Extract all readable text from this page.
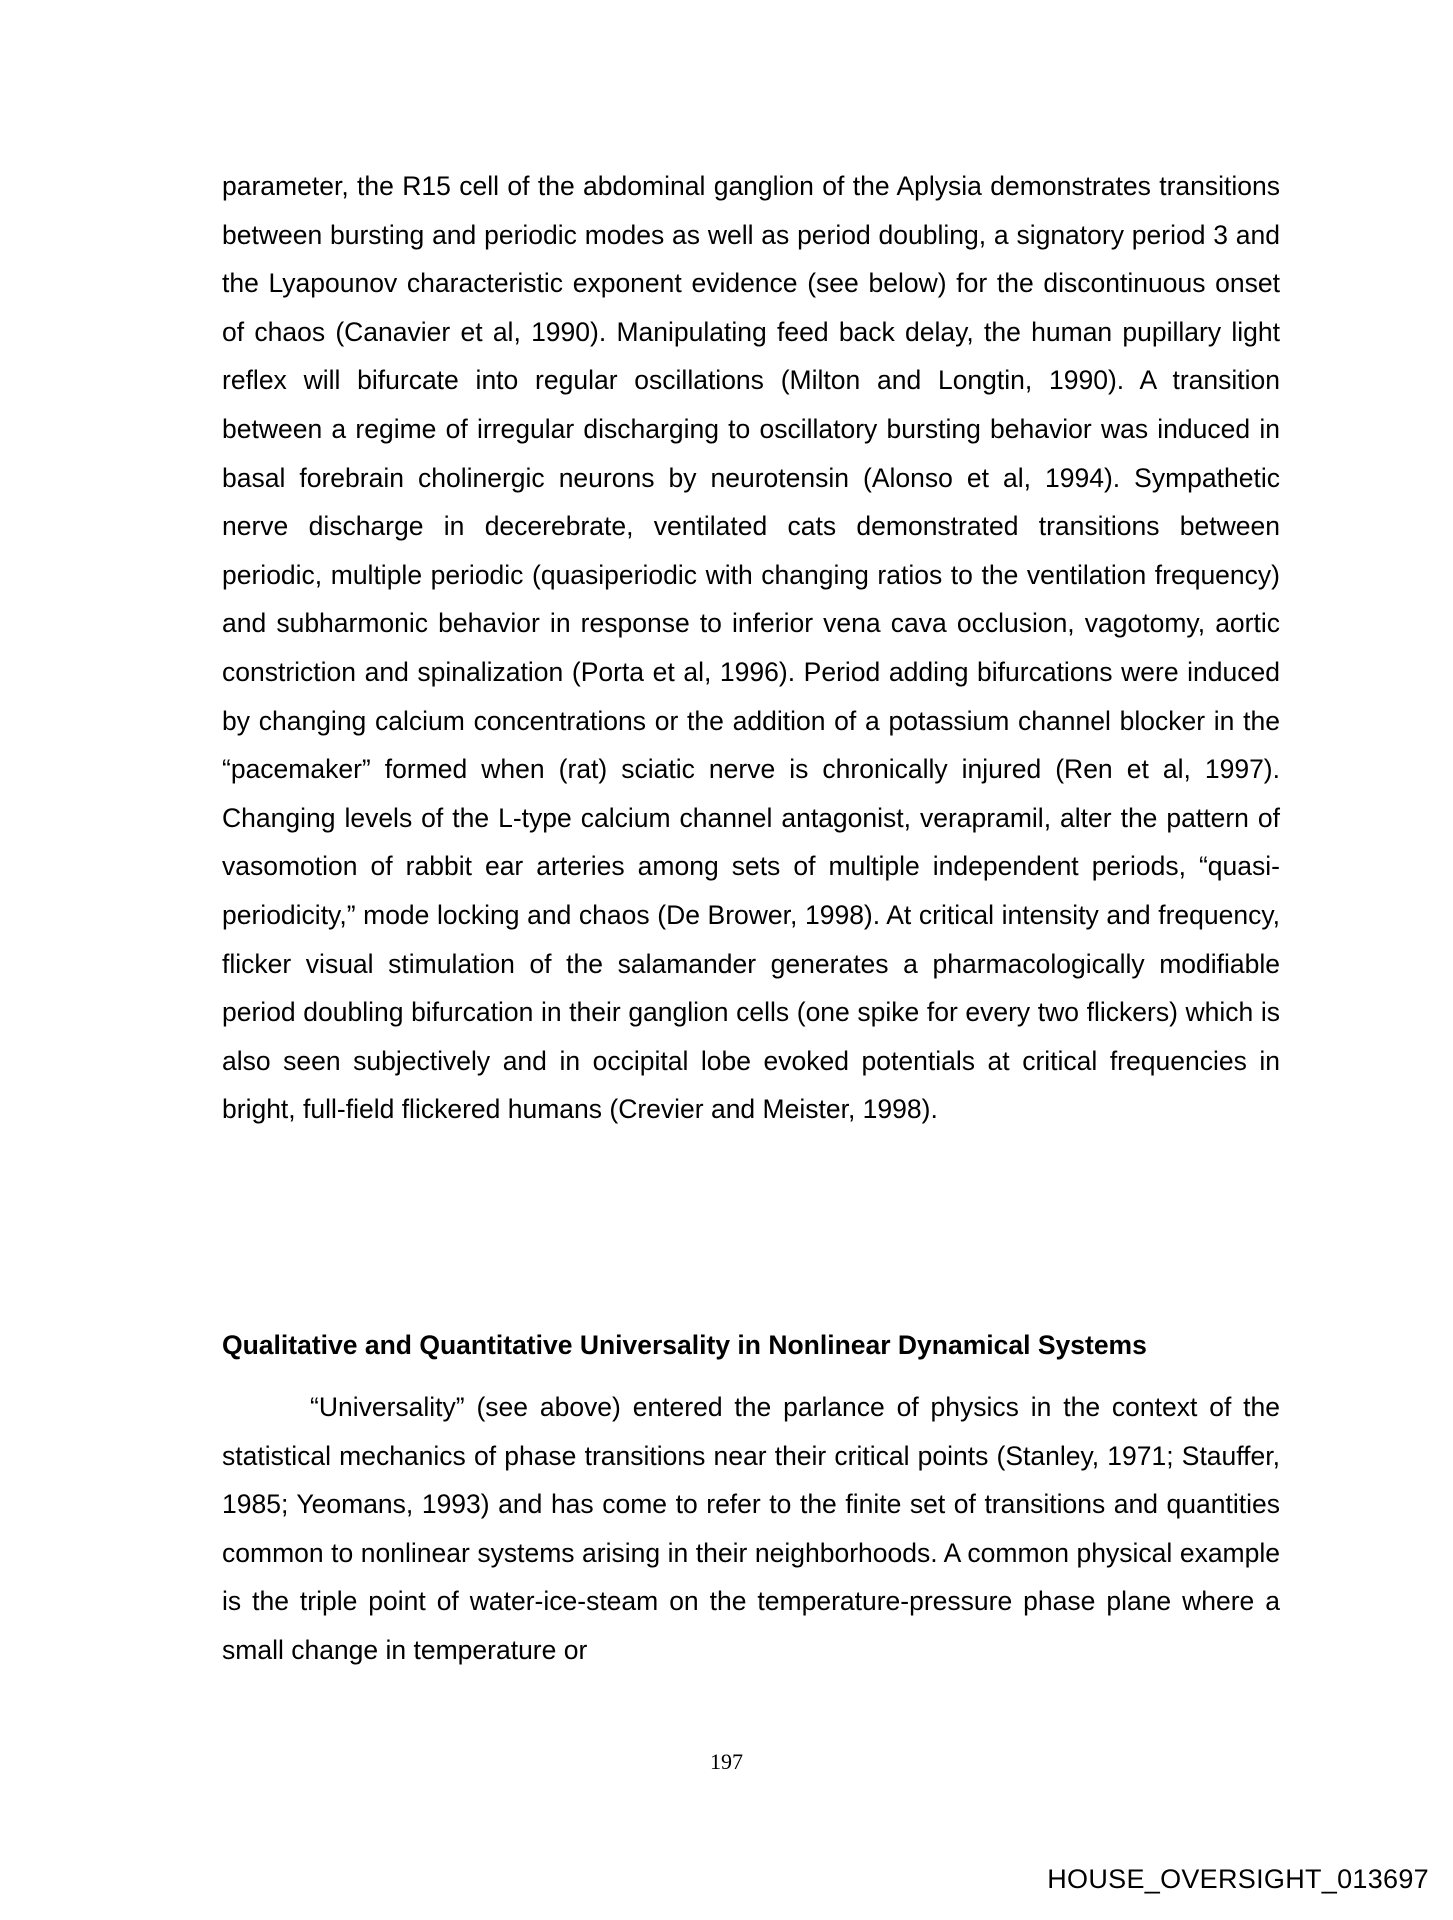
parameter, the R15 cell of the abdominal ganglion of the Aplysia demonstrates transitions between bursting and periodic modes as well as period doubling, a signatory period 3 and the Lyapounov characteristic exponent evidence (see below) for the discontinuous onset of chaos (Canavier et al, 1990). Manipulating feed back delay, the human pupillary light reflex will bifurcate into regular oscillations (Milton and Longtin, 1990). A transition between a regime of irregular discharging to oscillatory bursting behavior was induced in basal forebrain cholinergic neurons by neurotensin (Alonso et al, 1994). Sympathetic nerve discharge in decerebrate, ventilated cats demonstrated transitions between periodic, multiple periodic (quasiperiodic with changing ratios to the ventilation frequency) and subharmonic behavior in response to inferior vena cava occlusion, vagotomy, aortic constriction and spinalization (Porta et al, 1996). Period adding bifurcations were induced by changing calcium concentrations or the addition of a potassium channel blocker in the “pacemaker” formed when (rat) sciatic nerve is chronically injured (Ren et al, 1997). Changing levels of the L-type calcium channel antagonist, verapramil, alter the pattern of vasomotion of rabbit ear arteries among sets of multiple independent periods, “quasi-periodicity,” mode locking and chaos (De Brower, 1998). At critical intensity and frequency, flicker visual stimulation of the salamander generates a pharmacologically modifiable period doubling bifurcation in their ganglion cells (one spike for every two flickers) which is also seen subjectively and in occipital lobe evoked potentials at critical frequencies in bright, full-field flickered humans (Crevier and Meister, 1998).

Qualitative and Quantitative Universality in Nonlinear Dynamical Systems

“Universality” (see above) entered the parlance of physics in the context of the statistical mechanics of phase transitions near their critical points (Stanley, 1971; Stauffer, 1985; Yeomans, 1993) and has come to refer to the finite set of transitions and quantities common to nonlinear systems arising in their neighborhoods. A common physical example is the triple point of water-ice-steam on the temperature-pressure phase plane where a small change in temperature or

197
HOUSE_OVERSIGHT_013697
